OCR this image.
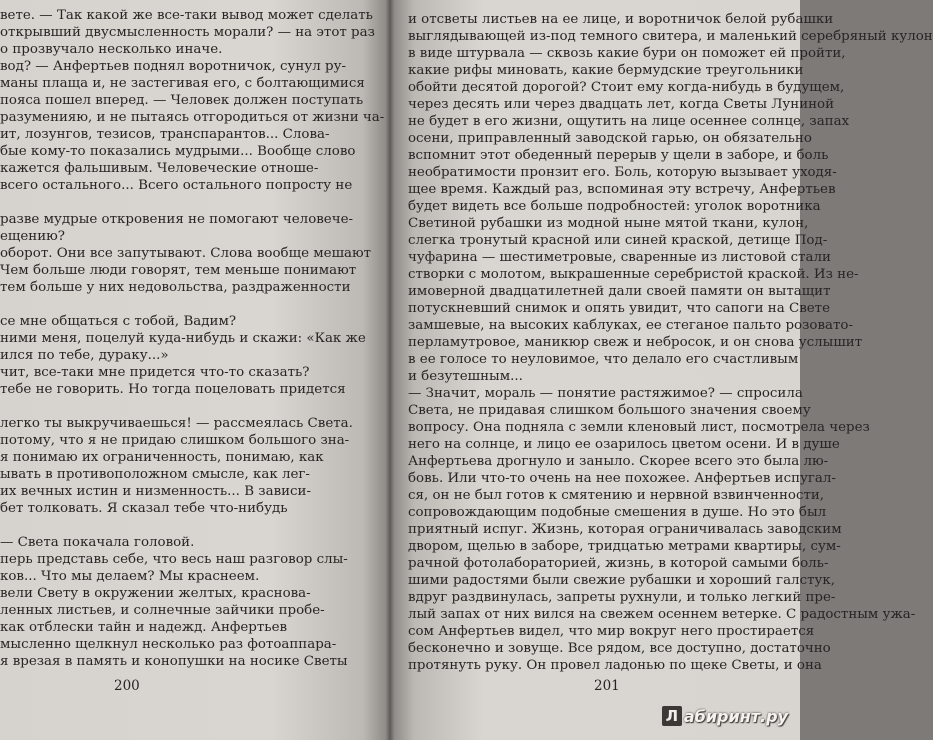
вете. — Так какой же все-таки вывод может сделать
открывший двусмысленность морали? — на этот раз
о прозвучало несколько иначе.
вод? — Анфертьев поднял воротничок, сунул ру-
маны плаща и, не застегивая его, с болтающимися
пояса пошел вперед. — Человек должен поступать
разуменияю, и не пытаясь отгородиться от жизни ча-
ит, лозунгов, тезисов, транспарантов... Слова-
бые кому-то показались мудрыми... Вообще слово
кажется фальшивым. Человеческие отноше-
всего остального... Всего остального попросту не
разве мудрые откровения не помогают человече-
ещению?
оборот. Они все запутывают. Слова вообще мешают
Чем больше люди говорят, тем меньше понимают
тем больше у них недовольства, раздраженности
се мне общаться с тобой, Вадим?
ними меня, поцелуй куда-нибудь и скажи: «Как же
ился по тебе, дураку...»
чит, все-таки мне придется что-то сказать?
тебе не говорить. Но тогда поцеловать придется
легко ты выкручиваешься! — рассмеялась Света.
потому, что я не придаю слишком большого зна-
я понимаю их ограниченность, понимаю, как
ывать в противоположном смысле, как лег-
их вечных истин и низменность... В зависи-
бет толковать. Я сказал тебе что-нибудь
— Света покачала головой.
перь представь себе, что весь наш разговор слы-
ков... Что мы делаем? Мы краснеем.
вели Свету в окружении желтых, краснова-
ленных листьев, и солнечные зайчики пробе-
как отблески тайн и надежд. Анфертьев
мысленно щелкнул несколько раз фотоаппара-
я врезая в память и конопушки на носике Светы
200
и отсветы листьев на ее лице, и воротничок белой рубашки
выглядывающей из-под темного свитера, и маленький серебряный кулон
в виде штурвала — сквозь какие бури он поможет ей пройти,
какие рифы миновать, какие бермудские треугольники
обойти десятой дорогой? Стоит ему когда-нибудь в будущем,
через десять или через двадцать лет, когда Светы Луниной
не будет в его жизни, ощутить на лице осеннее солнце, запах
осени, приправленный заводской гарью, он обязательно
вспомнит этот обеденный перерыв у щели в заборе, и боль
необратимости пронзит его. Боль, которую вызывает уходя-
щее время. Каждый раз, вспоминая эту встречу, Анфертьев
будет видеть все больше подробностей: уголок воротника
Светиной рубашки из модной ныне мятой ткани, кулон,
слегка тронутый красной или синей краской, детище Под-
чуфарина — шестиметровые, сваренные из листовой стали
створки с молотом, выкрашенные серебристой краской. Из не-
имоверной двадцатилетней дали своей памяти он вытащит
потускневший снимок и опять увидит, что сапоги на Свете
замшевые, на высоких каблуках, ее стеганое пальто розовато-
перламутровое, маникюр свеж и небросок, и он снова услышит
в ее голосе то неуловимое, что делало его счастливым
и безутешным...
— Значит, мораль — понятие растяжимое? — спросила
Света, не придавая слишком большого значения своему
вопросу. Она подняла с земли кленовый лист, посмотрела через
него на солнце, и лицо ее озарилось цветом осени. И в душе
Анфертьева дрогнуло и заныло. Скорее всего это была лю-
бовь. Или что-то очень на нее похожее. Анфертьев испугал-
ся, он не был готов к смятению и нервной взвинченности,
сопровождающим подобные смешения в душе. Но это был
приятный испуг. Жизнь, которая ограничивалась заводским
двором, щелью в заборе, тридцатью метрами квартиры, сум-
рачной фотолабораторией, жизнь, в которой самыми боль-
шими радостями были свежие рубашки и хороший галстук,
вдруг раздвинулась, запреты рухнули, и только легкий пре-
лый запах от них вился на свежем осеннем ветерке. С радостным ужа-
сом Анфертьев видел, что мир вокруг него простирается
бесконечно и зовуще. Все рядом, все доступно, достаточно
протянуть руку. Он провел ладонью по щеке Светы, и она
201
Л абиринт.ру
